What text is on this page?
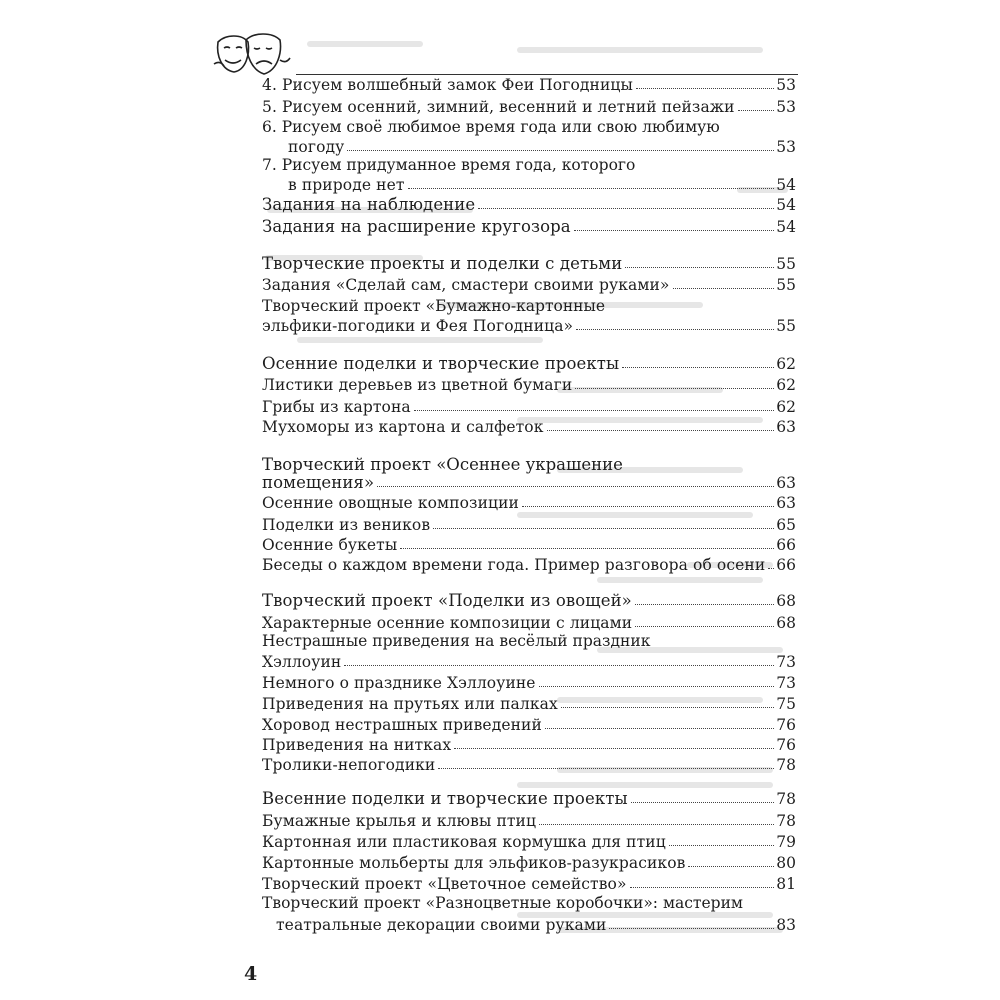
4. Рисуем волшебный замок Феи Погодницы	53
5. Рисуем осенний, зимний, весенний и летний пейзажи	53
6. Рисуем своё любимое время года или свою любимую
погоду	53
7. Рисуем придуманное время года, которого
в природе нет	54
Задания на наблюдение	54
Задания на расширение кругозора	54
Творческие проекты и поделки с детьми	55
Задания «Сделай сам, смастери своими руками»	55
Творческий проект «Бумажно-картонные
эльфики-погодики и Фея Погодница»	55
Осенние поделки и творческие проекты	62
Листики деревьев из цветной бумаги	62
Грибы из картона	62
Мухоморы из картона и салфеток	63
Творческий проект «Осеннее украшение
помещения»	63
Осенние овощные композиции	63
Поделки из веников	65
Осенние букеты	66
Беседы о каждом времени года. Пример разговора об осени 66
Творческий проект «Поделки из овощей»	68
Характерные осенние композиции с лицами	68
Нестрашные приведения на весёлый праздник
Хэллоуин	73
Немного о празднике Хэллоуине	73
Приведения на прутьях или палках	75
Хоровод нестрашных приведений	76
Приведения на нитках	76
Тролики-непогодики	78
Весенние поделки и творческие проекты	78
Бумажные крылья и клювы птиц	78
Картонная или пластиковая кормушка для птиц	79
Картонные мольберты для эльфиков-разукрасиков	80
Творческий проект «Цветочное семейство»	81
Творческий проект «Разноцветные коробочки»: мастерим
театральные декорации своими руками	83
4
